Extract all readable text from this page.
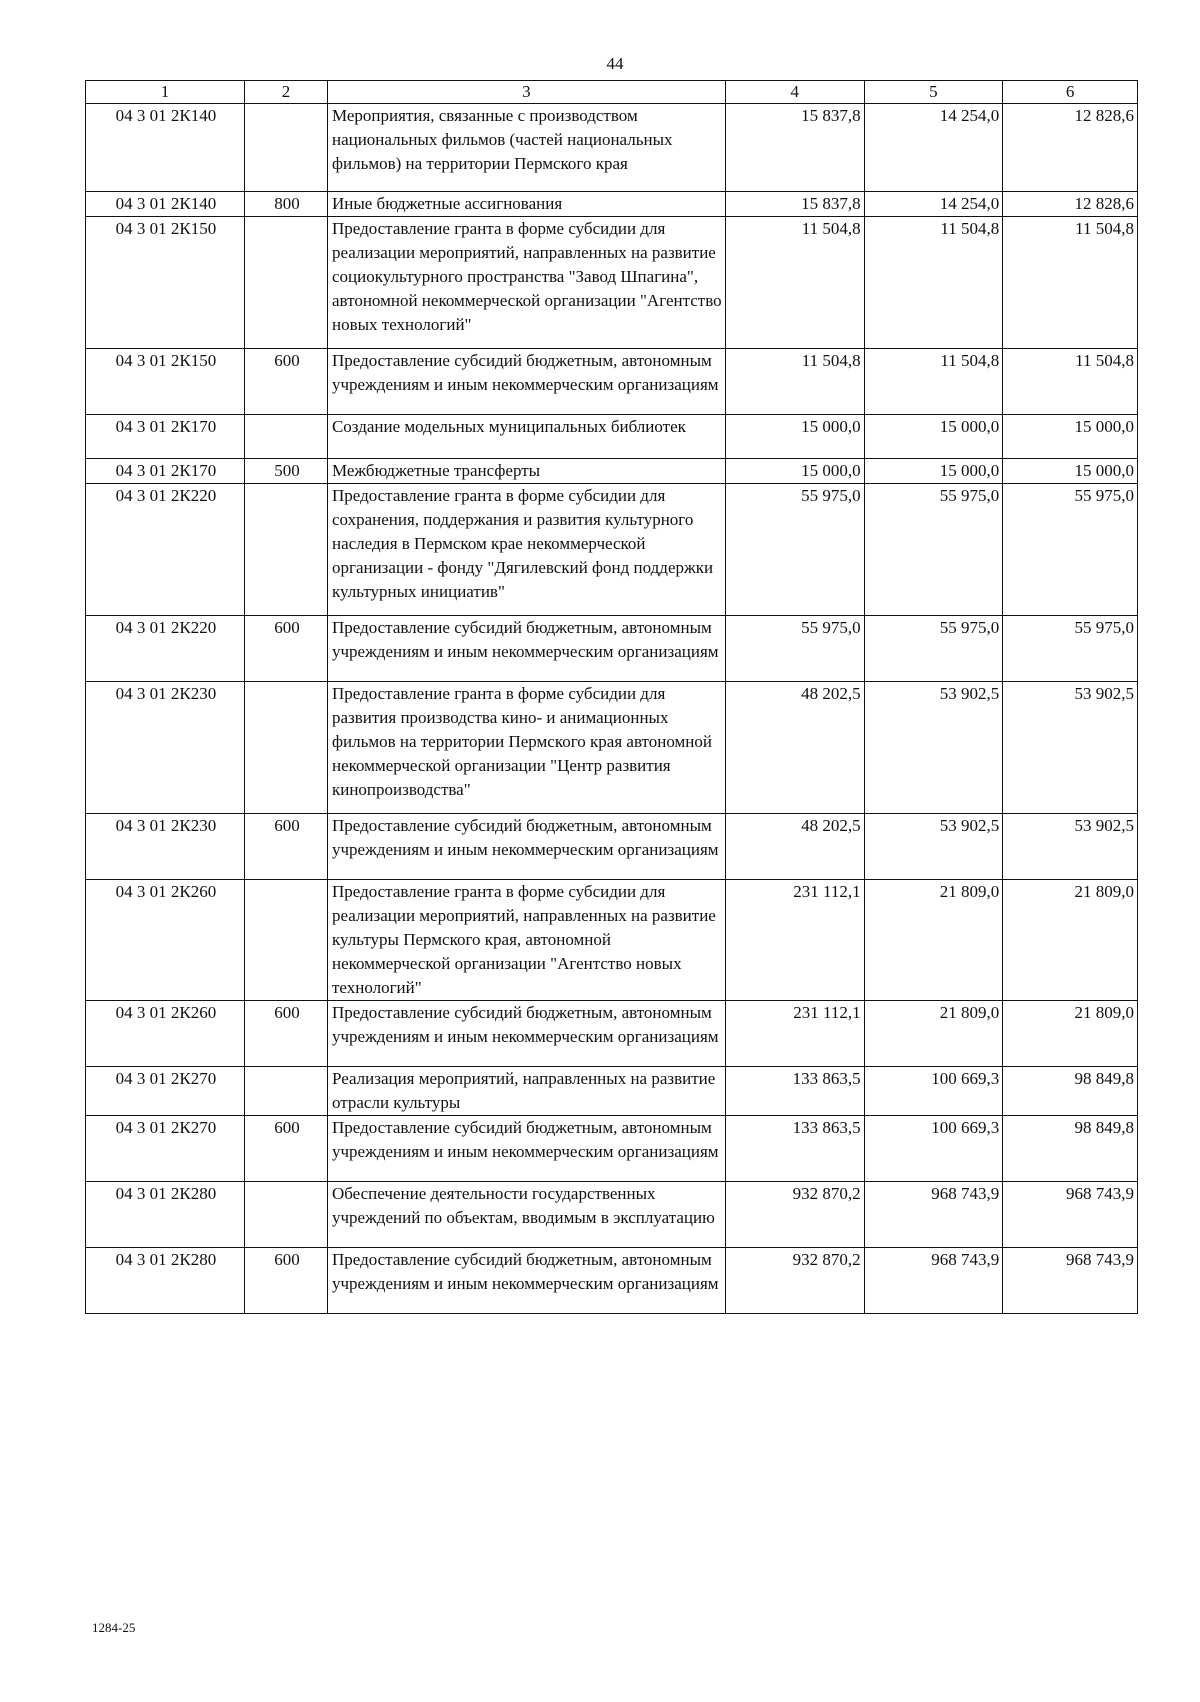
44
1	2	3	4	5	6
04 3 01 2К140		Мероприятия, связанные с производством национальных фильмов (частей национальных фильмов) на территории Пермского края	15 837,8	14 254,0	12 828,6
04 3 01 2К140	800	Иные бюджетные ассигнования	15 837,8	14 254,0	12 828,6
04 3 01 2К150		Предоставление гранта в форме субсидии для реализации мероприятий, направленных на развитие социокультурного пространства "Завод Шпагина", автономной некоммерческой организации "Агентство новых технологий"	11 504,8	11 504,8	11 504,8
04 3 01 2К150	600	Предоставление субсидий бюджетным, автономным учреждениям и иным некоммерческим организациям	11 504,8	11 504,8	11 504,8
04 3 01 2К170		Создание модельных муниципальных библиотек	15 000,0	15 000,0	15 000,0
04 3 01 2К170	500	Межбюджетные трансферты	15 000,0	15 000,0	15 000,0
04 3 01 2К220		Предоставление гранта в форме субсидии для сохранения, поддержания и развития культурного наследия в Пермском крае некоммерческой организации - фонду "Дягилевский фонд поддержки культурных инициатив"	55 975,0	55 975,0	55 975,0
04 3 01 2К220	600	Предоставление субсидий бюджетным, автономным учреждениям и иным некоммерческим организациям	55 975,0	55 975,0	55 975,0
04 3 01 2К230		Предоставление гранта в форме субсидии для развития производства кино- и анимационных фильмов на территории Пермского края автономной некоммерческой организации "Центр развития кинопроизводства"	48 202,5	53 902,5	53 902,5
04 3 01 2К230	600	Предоставление субсидий бюджетным, автономным учреждениям и иным некоммерческим организациям	48 202,5	53 902,5	53 902,5
04 3 01 2К260		Предоставление гранта в форме субсидии для реализации мероприятий, направленных на развитие культуры Пермского края, автономной некоммерческой организации "Агентство новых технологий"	231 112,1	21 809,0	21 809,0
04 3 01 2К260	600	Предоставление субсидий бюджетным, автономным учреждениям и иным некоммерческим организациям	231 112,1	21 809,0	21 809,0
04 3 01 2К270		Реализация мероприятий, направленных на развитие отрасли культуры	133 863,5	100 669,3	98 849,8
04 3 01 2К270	600	Предоставление субсидий бюджетным, автономным учреждениям и иным некоммерческим организациям	133 863,5	100 669,3	98 849,8
04 3 01 2К280		Обеспечение деятельности государственных учреждений по объектам, вводимым в эксплуатацию	932 870,2	968 743,9	968 743,9
04 3 01 2К280	600	Предоставление субсидий бюджетным, автономным учреждениям и иным некоммерческим организациям	932 870,2	968 743,9	968 743,9
1284-25
